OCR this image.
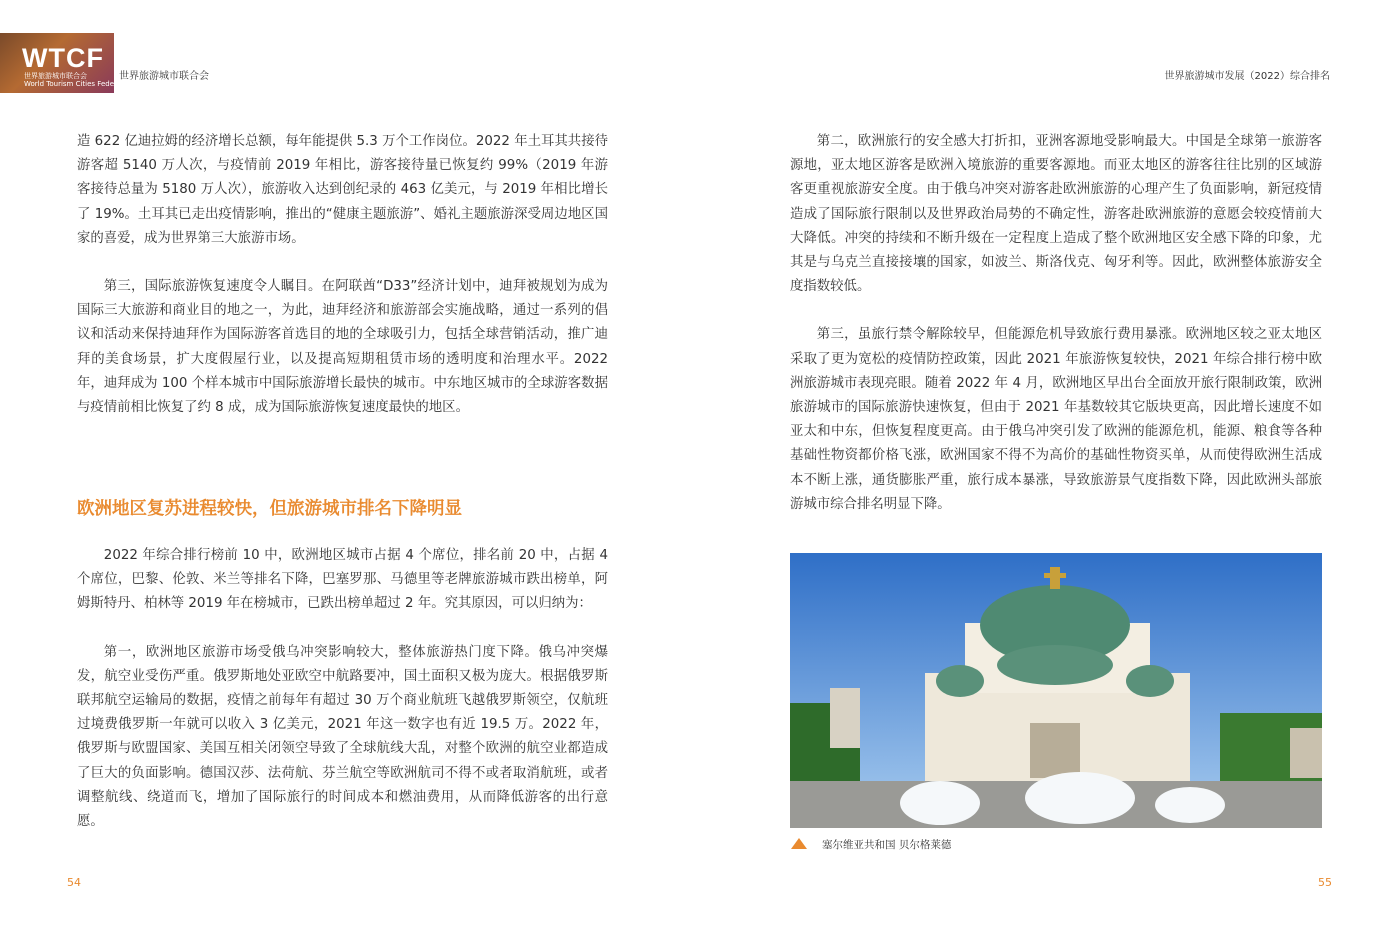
WTCF
世界旅游城市联合会
World Tourism Cities Federation
世界旅游城市联合会	世界旅游城市发展（2022）综合排名

造 622 亿迪拉姆的经济增长总额，每年能提供 5.3 万个工作岗位。2022 年土耳其共接待游客超 5140 万人次，与疫情前 2019 年相比，游客接待量已恢复约 99%（2019 年游客接待总量为 5180 万人次），旅游收入达到创纪录的 463 亿美元，与 2019 年相比增长了 19%。土耳其已走出疫情影响，推出的“健康主题旅游”、婚礼主题旅游深受周边地区国家的喜爱，成为世界第三大旅游市场。

第三，国际旅游恢复速度令人瞩目。在阿联酋“D33”经济计划中，迪拜被规划为成为国际三大旅游和商业目的地之一，为此，迪拜经济和旅游部会实施战略，通过一系列的倡议和活动来保持迪拜作为国际游客首选目的地的全球吸引力，包括全球营销活动，推广迪拜的美食场景，扩大度假屋行业，以及提高短期租赁市场的透明度和治理水平。2022 年，迪拜成为 100 个样本城市中国际旅游增长最快的城市。中东地区城市的全球游客数据与疫情前相比恢复了约 8 成，成为国际旅游恢复速度最快的地区。

欧洲地区复苏进程较快，但旅游城市排名下降明显

2022 年综合排行榜前 10 中，欧洲地区城市占据 4 个席位，排名前 20 中，占据 4 个席位，巴黎、伦敦、米兰等排名下降，巴塞罗那、马德里等老牌旅游城市跌出榜单，阿姆斯特丹、柏林等 2019 年在榜城市，已跌出榜单超过 2 年。究其原因，可以归纳为：

第一，欧洲地区旅游市场受俄乌冲突影响较大，整体旅游热门度下降。俄乌冲突爆发，航空业受伤严重。俄罗斯地处亚欧空中航路要冲，国土面积又极为庞大。根据俄罗斯联邦航空运输局的数据，疫情之前每年有超过 30 万个商业航班飞越俄罗斯领空，仅航班过境费俄罗斯一年就可以收入 3 亿美元，2021 年这一数字也有近 19.5 万。2022 年，俄罗斯与欧盟国家、美国互相关闭领空导致了全球航线大乱，对整个欧洲的航空业都造成了巨大的负面影响。德国汉莎、法荷航、芬兰航空等欧洲航司不得不或者取消航班，或者调整航线、绕道而飞，增加了国际旅行的时间成本和燃油费用，从而降低游客的出行意愿。

第二，欧洲旅行的安全感大打折扣，亚洲客源地受影响最大。中国是全球第一旅游客源地，亚太地区游客是欧洲入境旅游的重要客源地。而亚太地区的游客往往比别的区域游客更重视旅游安全度。由于俄乌冲突对游客赴欧洲旅游的心理产生了负面影响，新冠疫情造成了国际旅行限制以及世界政治局势的不确定性，游客赴欧洲旅游的意愿会较疫情前大大降低。冲突的持续和不断升级在一定程度上造成了整个欧洲地区安全感下降的印象，尤其是与乌克兰直接接壤的国家，如波兰、斯洛伐克、匈牙利等。因此，欧洲整体旅游安全度指数较低。

第三，虽旅行禁令解除较早，但能源危机导致旅行费用暴涨。欧洲地区较之亚太地区采取了更为宽松的疫情防控政策，因此 2021 年旅游恢复较快，2021 年综合排行榜中欧洲旅游城市表现亮眼。随着 2022 年 4 月，欧洲地区早出台全面放开旅行限制政策，欧洲旅游城市的国际旅游快速恢复，但由于 2021 年基数较其它版块更高，因此增长速度不如亚太和中东，但恢复程度更高。由于俄乌冲突引发了欧洲的能源危机，能源、粮食等各种基础性物资都价格飞涨，欧洲国家不得不为高价的基础性物资买单，从而使得欧洲生活成本不断上涨，通货膨胀严重，旅行成本暴涨，导致旅游景气度指数下降，因此欧洲头部旅游城市综合排名明显下降。

塞尔维亚共和国 贝尔格莱德
54	55
